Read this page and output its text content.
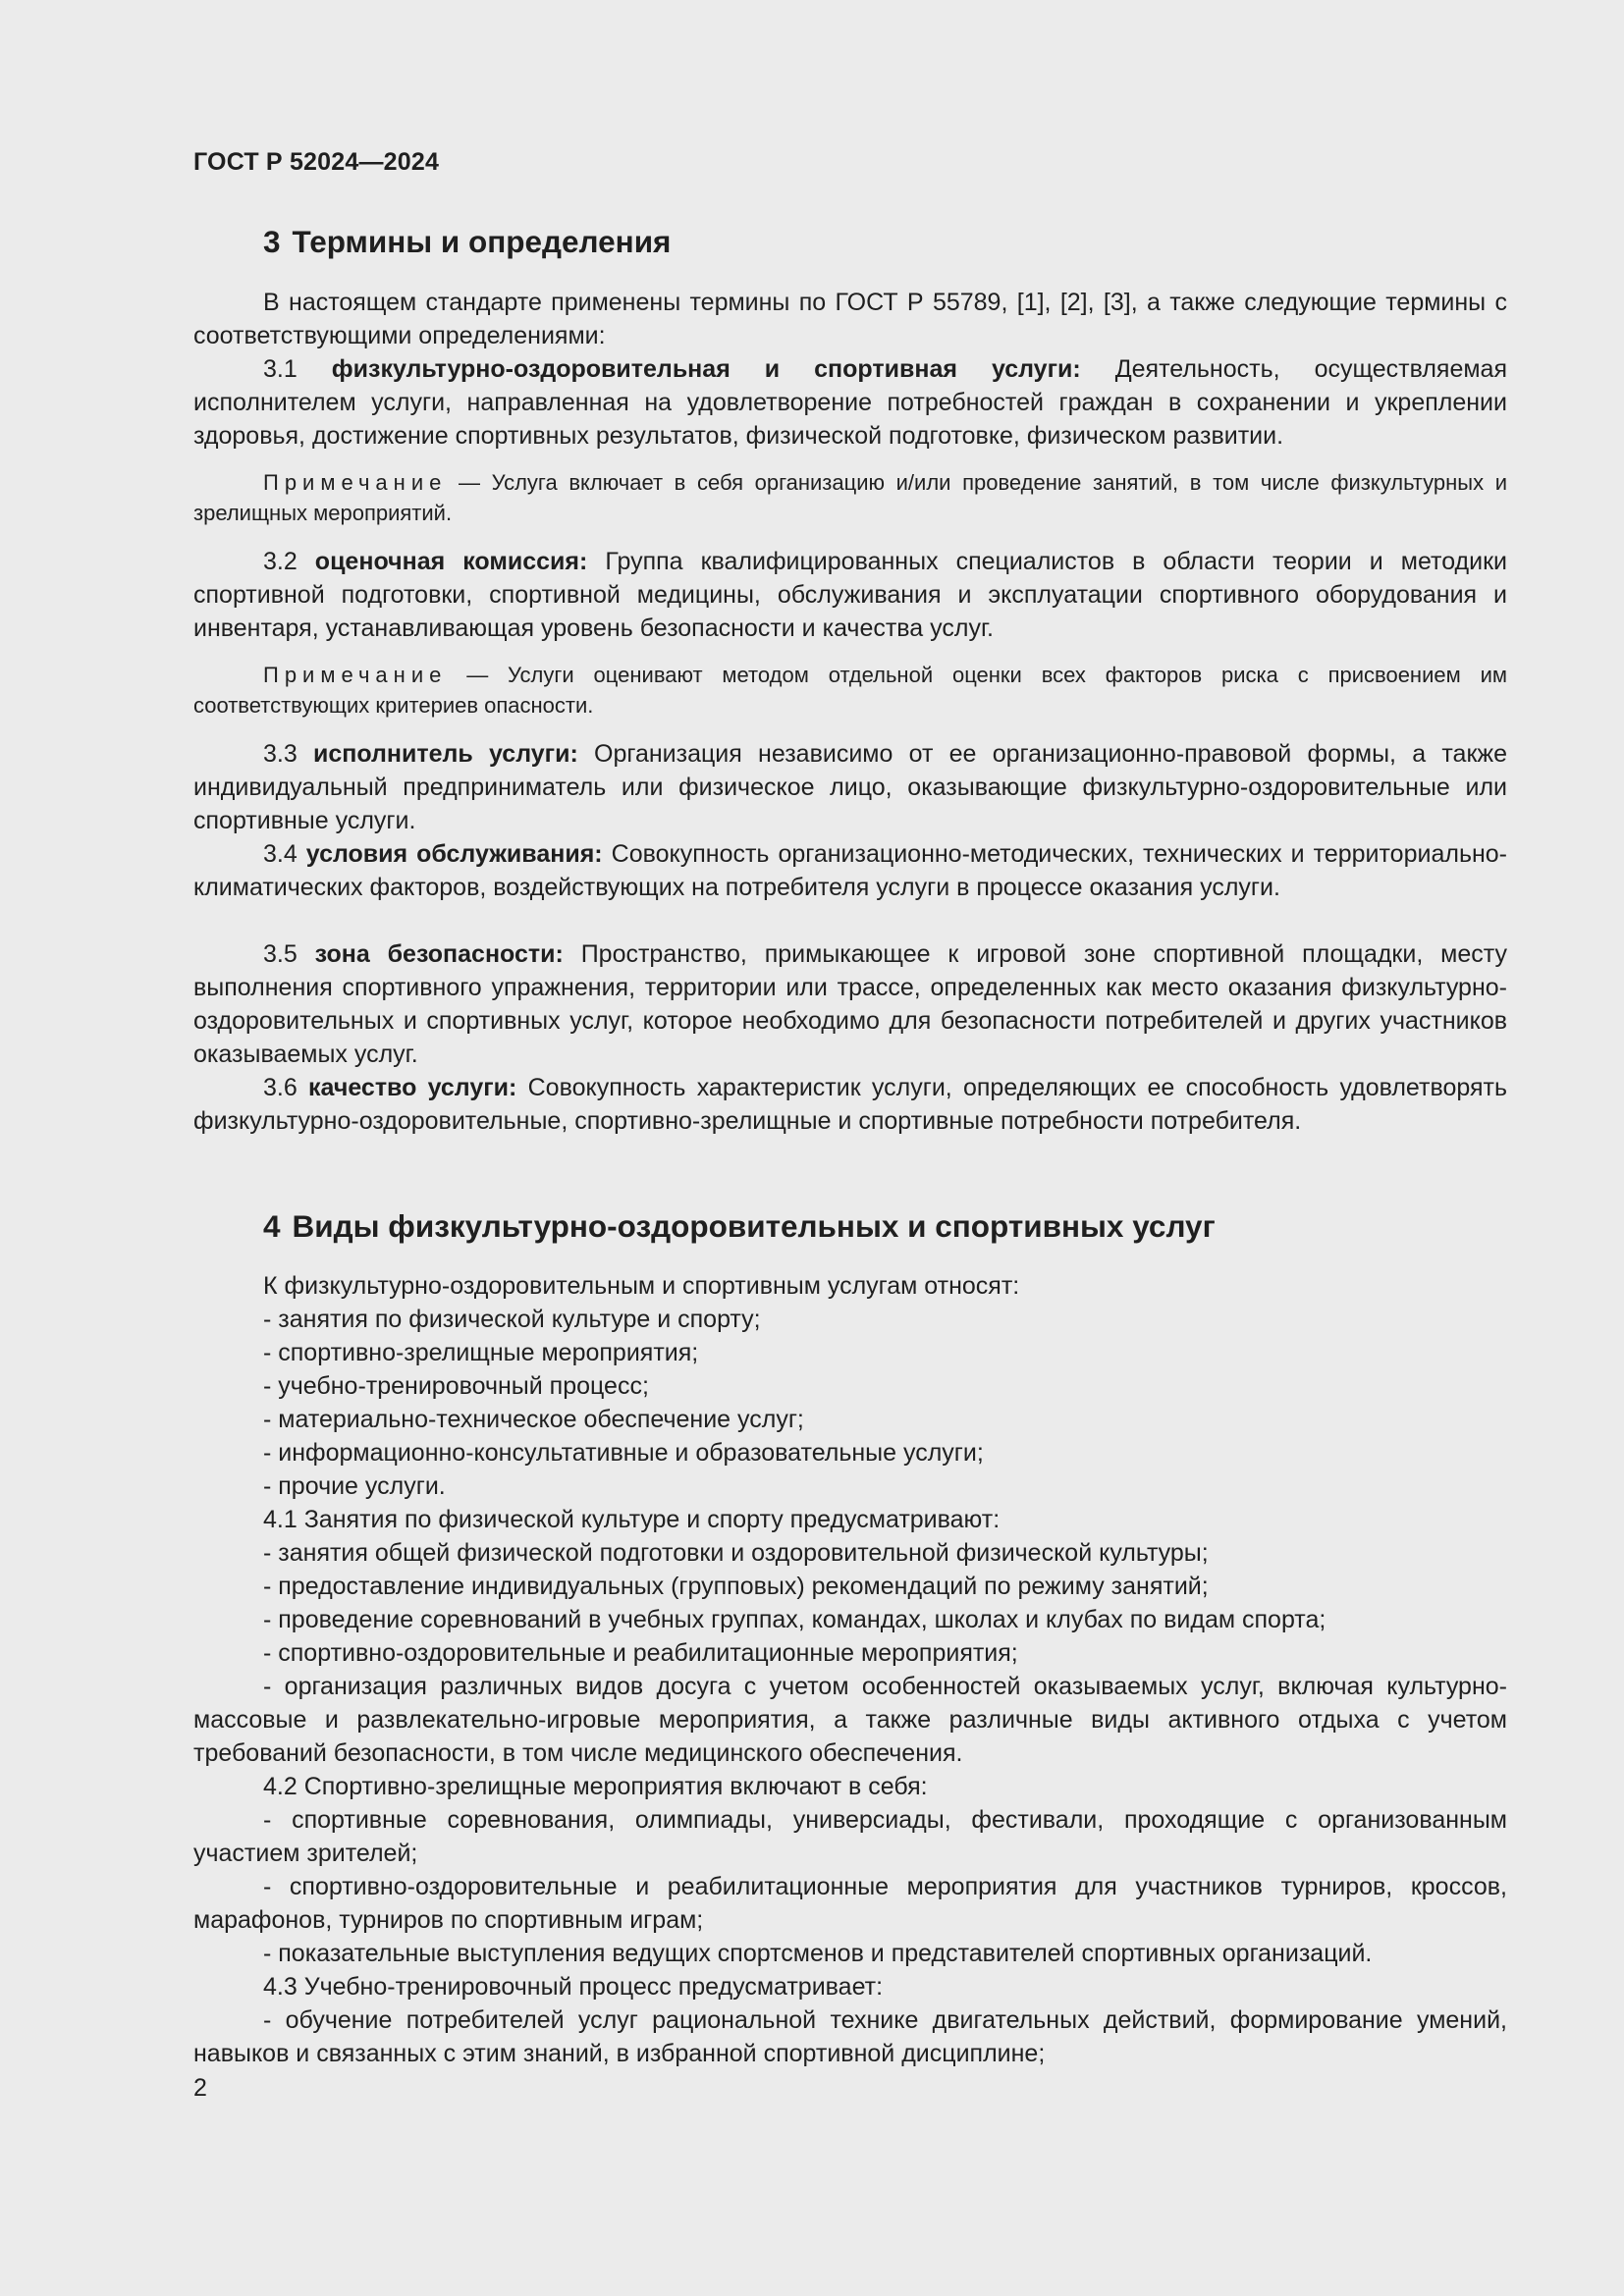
ГОСТ Р 52024—2024
3 Термины и определения

В настоящем стандарте применены термины по ГОСТ Р 55789, [1], [2], [3], а также следующие термины с соответствующими определениями:

3.1 физкультурно-оздоровительная и спортивная услуги: Деятельность, осуществляемая исполнителем услуги, направленная на удовлетворение потребностей граждан в сохранении и укреплении здоровья, достижение спортивных результатов, физической подготовке, физическом развитии.

Примечание — Услуга включает в себя организацию и/или проведение занятий, в том числе физкультурных и зрелищных мероприятий.

3.2 оценочная комиссия: Группа квалифицированных специалистов в области теории и методики спортивной подготовки, спортивной медицины, обслуживания и эксплуатации спортивного оборудования и инвентаря, устанавливающая уровень безопасности и качества услуг.

Примечание — Услуги оценивают методом отдельной оценки всех факторов риска с присвоением им соответствующих критериев опасности.

3.3 исполнитель услуги: Организация независимо от ее организационно-правовой формы, а также индивидуальный предприниматель или физическое лицо, оказывающие физкультурно-оздоровительные или спортивные услуги.

3.4 условия обслуживания: Совокупность организационно-методических, технических и территориально-климатических факторов, воздействующих на потребителя услуги в процессе оказания услуги.

3.5 зона безопасности: Пространство, примыкающее к игровой зоне спортивной площадки, месту выполнения спортивного упражнения, территории или трассе, определенных как место оказания физкультурно-оздоровительных и спортивных услуг, которое необходимо для безопасности потребителей и других участников оказываемых услуг.

3.6 качество услуги: Совокупность характеристик услуги, определяющих ее способность удовлетворять физкультурно-оздоровительные, спортивно-зрелищные и спортивные потребности потребителя.

4 Виды физкультурно-оздоровительных и спортивных услуг
К физкультурно-оздоровительным и спортивным услугам относят:
- занятия по физической культуре и спорту;
- спортивно-зрелищные мероприятия;
- учебно-тренировочный процесс;
- материально-техническое обеспечение услуг;
- информационно-консультативные и образовательные услуги;
- прочие услуги.
4.1 Занятия по физической культуре и спорту предусматривают:
- занятия общей физической подготовки и оздоровительной физической культуры;
- предоставление индивидуальных (групповых) рекомендаций по режиму занятий;
- проведение соревнований в учебных группах, командах, школах и клубах по видам спорта;
- спортивно-оздоровительные и реабилитационные мероприятия;

- организация различных видов досуга с учетом особенностей оказываемых услуг, включая культурно-массовые и развлекательно-игровые мероприятия, а также различные виды активного отдыха с учетом требований безопасности, в том числе медицинского обеспечения.

4.2 Спортивно-зрелищные мероприятия включают в себя:

- спортивные соревнования, олимпиады, универсиады, фестивали, проходящие с организованным участием зрителей;

- спортивно-оздоровительные и реабилитационные мероприятия для участников турниров, кроссов, марафонов, турниров по спортивным играм;

- показательные выступления ведущих спортсменов и представителей спортивных организаций.

4.3 Учебно-тренировочный процесс предусматривает:

- обучение потребителей услуг рациональной технике двигательных действий, формирование умений, навыков и связанных с этим знаний, в избранной спортивной дисциплине;

2
